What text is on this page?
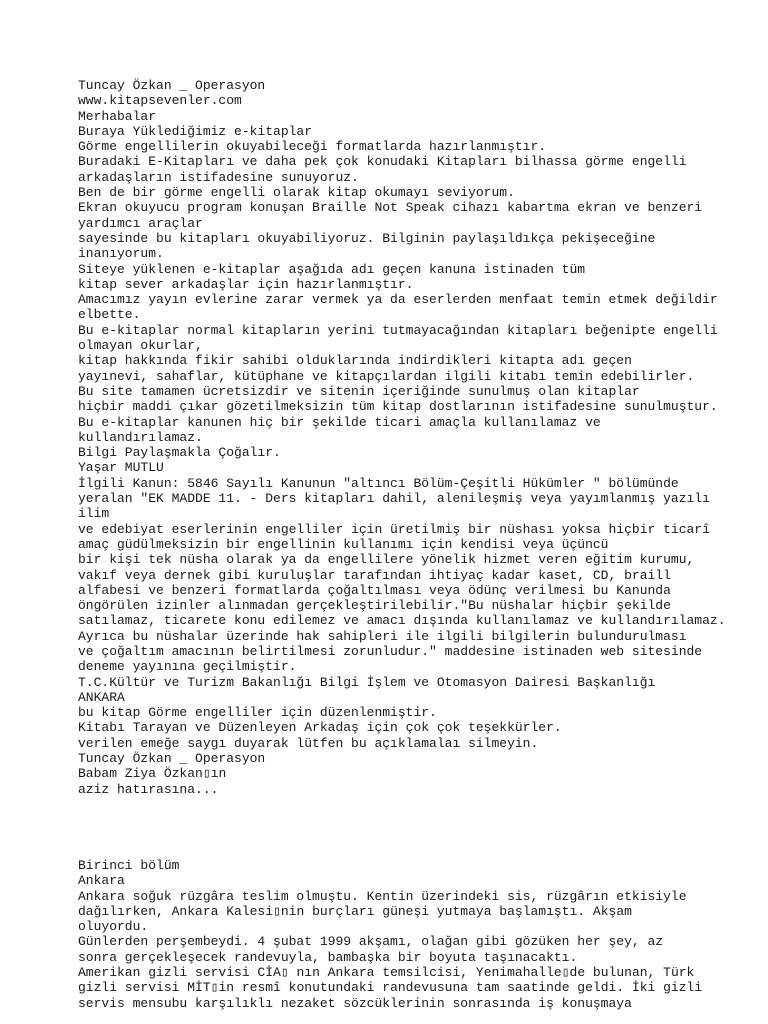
Tuncay Özkan _ Operasyon
www.kitapsevenler.com
Merhabalar
Buraya Yüklediğimiz e-kitaplar
Görme engellilerin okuyabileceği formatlarda hazırlanmıştır.
Buradaki E-Kitapları ve daha pek çok konudaki Kitapları bilhassa görme engelli
arkadaşların istifadesine sunuyoruz.
Ben de bir görme engelli olarak kitap okumayı seviyorum.
Ekran okuyucu program konuşan Braille Not Speak cihazı kabartma ekran ve benzeri
yardımcı araçlar
sayesinde bu kitapları okuyabiliyoruz. Bilginin paylaşıldıkça pekişeceğine
inanıyorum.
Siteye yüklenen e-kitaplar aşağıda adı geçen kanuna istinaden tüm
kitap sever arkadaşlar için hazırlanmıştır.
Amacımız yayın evlerine zarar vermek ya da eserlerden menfaat temin etmek değildir
elbette.
Bu e-kitaplar normal kitapların yerini tutmayacağından kitapları beğenipte engelli
olmayan okurlar,
kitap hakkında fikir sahibi olduklarında indirdikleri kitapta adı geçen
yayınevi, sahaflar, kütüphane ve kitapçılardan ilgili kitabı temin edebilirler.
Bu site tamamen ücretsizdir ve sitenin içeriğinde sunulmuş olan kitaplar
hiçbir maddi çıkar gözetilmeksizin tüm kitap dostlarının istifadesine sunulmuştur.
Bu e-kitaplar kanunen hiç bir şekilde ticari amaçla kullanılamaz ve
kullandırılamaz.
Bilgi Paylaşmakla Çoğalır.
Yaşar MUTLU
İlgili Kanun: 5846 Sayılı Kanunun "altıncı Bölüm-Çeşitli Hükümler " bölümünde
yeralan "EK MADDE 11. - Ders kitapları dahil, alenileşmiş veya yayımlanmış yazılı
ilim
ve edebiyat eserlerinin engelliler için üretilmiş bir nüshası yoksa hiçbir ticarî
amaç güdülmeksizin bir engellinin kullanımı için kendisi veya üçüncü
bir kişi tek nüsha olarak ya da engellilere yönelik hizmet veren eğitim kurumu,
vakıf veya dernek gibi kuruluşlar tarafından ihtiyaç kadar kaset, CD, braill
alfabesi ve benzeri formatlarda çoğaltılması veya ödünç verilmesi bu Kanunda
öngörülen izinler alınmadan gerçekleştirilebilir."Bu nüshalar hiçbir şekilde
satılamaz, ticarete konu edilemez ve amacı dışında kullanılamaz ve kullandırılamaz.
Ayrıca bu nüshalar üzerinde hak sahipleri ile ilgili bilgilerin bulundurulması
ve çoğaltım amacının belirtilmesi zorunludur." maddesine istinaden web sitesinde
deneme yayınına geçilmiştir.
T.C.Kültür ve Turizm Bakanlığı Bilgi İşlem ve Otomasyon Dairesi Başkanlığı
ANKARA
bu kitap Görme engelliler için düzenlenmiştir.
Kitabı Tarayan ve Düzenleyen Arkadaş için çok çok teşekkürler.
verilen emeğe saygı duyarak lütfen bu açıklamalaı silmeyin.
Tuncay Özkan _ Operasyon
Babam Ziya Özkan▯ın
aziz hatırasına...
Birinci bölüm
Ankara
Ankara soğuk rüzgâra teslim olmuştu. Kentin üzerindeki sis, rüzgârın etkisiyle
dağılırken, Ankara Kalesi▯nin burçları güneşi yutmaya başlamıştı. Akşam
oluyordu.
Günlerden perşembeydi. 4 şubat 1999 akşamı, olağan gibi gözüken her şey, az
sonra gerçekleşecek randevuyla, bambaşka bir boyuta taşınacaktı.
Amerikan gizli servisi CİA▯ nın Ankara temsilcisi, Yenimahalle▯de bulunan, Türk
gizli servisi MİT▯in resmî konutundaki randevusuna tam saatinde geldi. İki gizli
servis mensubu karşılıklı nezaket sözcüklerinin sonrasında iş konuşmaya
